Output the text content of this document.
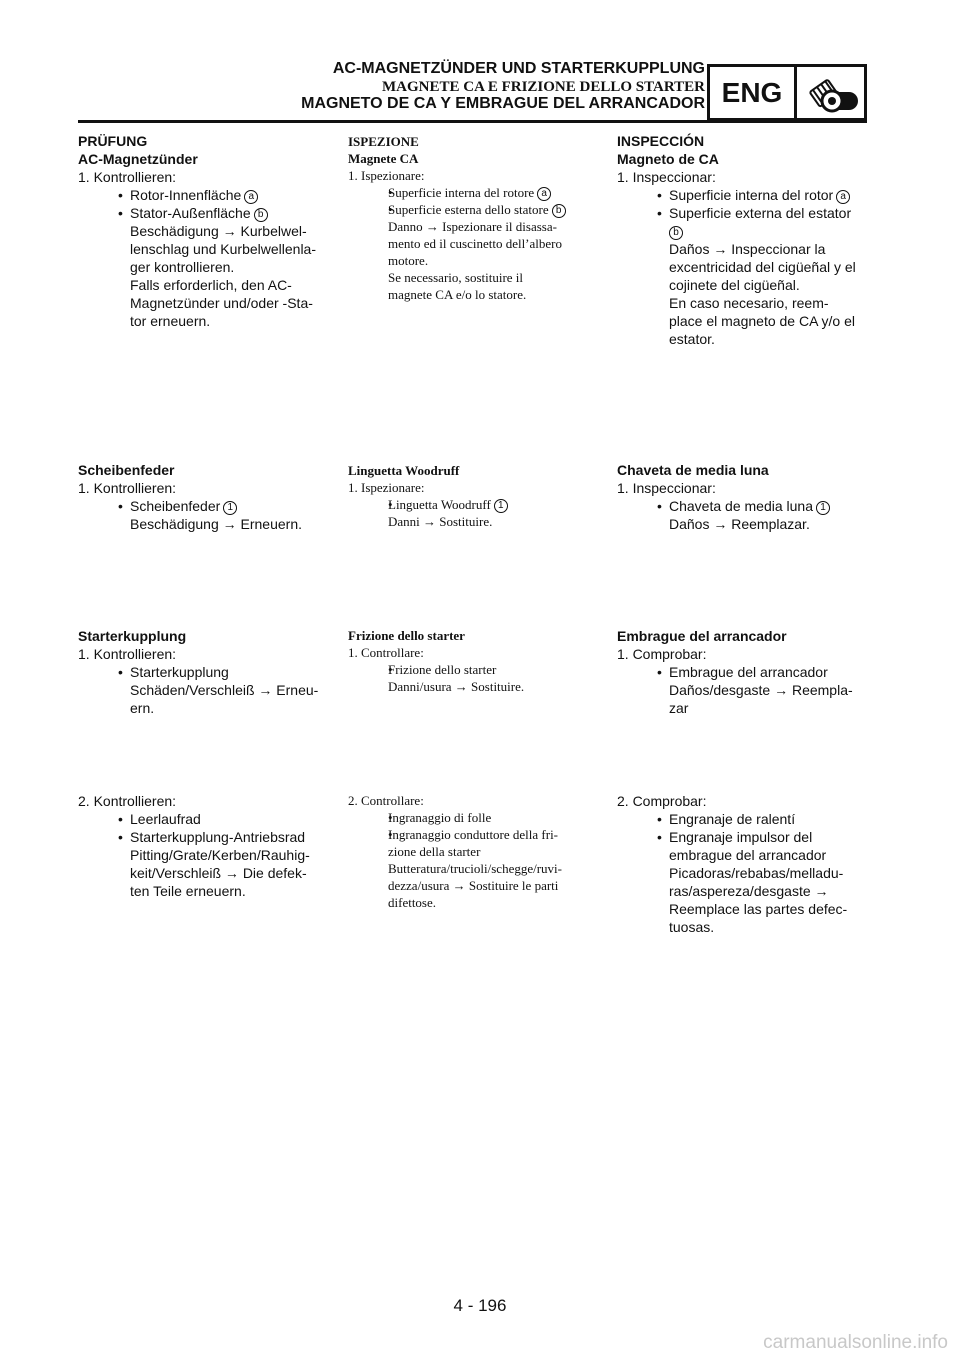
AC-MAGNETZÜNDER UND STARTERKUPPLUNG
MAGNETE CA E FRIZIONE DELLO STARTER
MAGNETO DE CA Y EMBRAGUE DEL ARRANCADOR ENG
PRÜFUNG
AC-Magnetzünder
1. Kontrollieren:
• Rotor-Innenfläche a
• Stator-Außenfläche b
Beschädigung → Kurbelwel-
lenschlag und Kurbelwellenla-
ger kontrollieren.
Falls erforderlich, den AC-
Magnetzünder und/oder -Sta-
tor erneuern.
Scheibenfeder
1. Kontrollieren:
• Scheibenfeder 1
Beschädigung → Erneuern.
Starterkupplung
1. Kontrollieren:
• Starterkupplung
Schäden/Verschleiß → Erneu-
ern.
2. Kontrollieren:
• Leerlaufrad
• Starterkupplung-Antriebsrad
Pitting/Grate/Kerben/Rauhig-
keit/Verschleiß → Die defek-
ten Teile erneuern.
ISPEZIONE
Magnete CA
1. Ispezionare:
• Superficie interna del rotore a
• Superficie esterna dello statore b
Danno → Ispezionare il disassa-
mento ed il cuscinetto dell’albero
motore.
Se necessario, sostituire il
magnete CA e/o lo statore.
Linguetta Woodruff
1. Ispezionare:
• Linguetta Woodruff 1
Danni → Sostituire.
Frizione dello starter
1. Controllare:
• Frizione dello starter
Danni/usura → Sostituire.
2. Controllare:
• Ingranaggio di folle
• Ingranaggio conduttore della fri-
zione della starter
Butteratura/trucioli/schegge/ruvi-
dezza/usura → Sostituire le parti
difettose.
INSPECCIÓN
Magneto de CA
1. Inspeccionar:
• Superficie interna del rotor a
• Superficie externa del estator
b
Daños → Inspeccionar la
excentricidad del cigüeñal y el
cojinete del cigüeñal.
En caso necesario, reem-
place el magneto de CA y/o el
estator.
Chaveta de media luna
1. Inspeccionar:
• Chaveta de media luna 1
Daños → Reemplazar.
Embrague del arrancador
1. Comprobar:
• Embrague del arrancador
Daños/desgaste → Reempla-
zar
2. Comprobar:
• Engranaje de ralentí
• Engranaje impulsor del
embrague del arrancador
Picadoras/rebabas/melladu-
ras/aspereza/desgaste →
Reemplace las partes defec-
tuosas.
4 - 196
carmanualsonline.info
